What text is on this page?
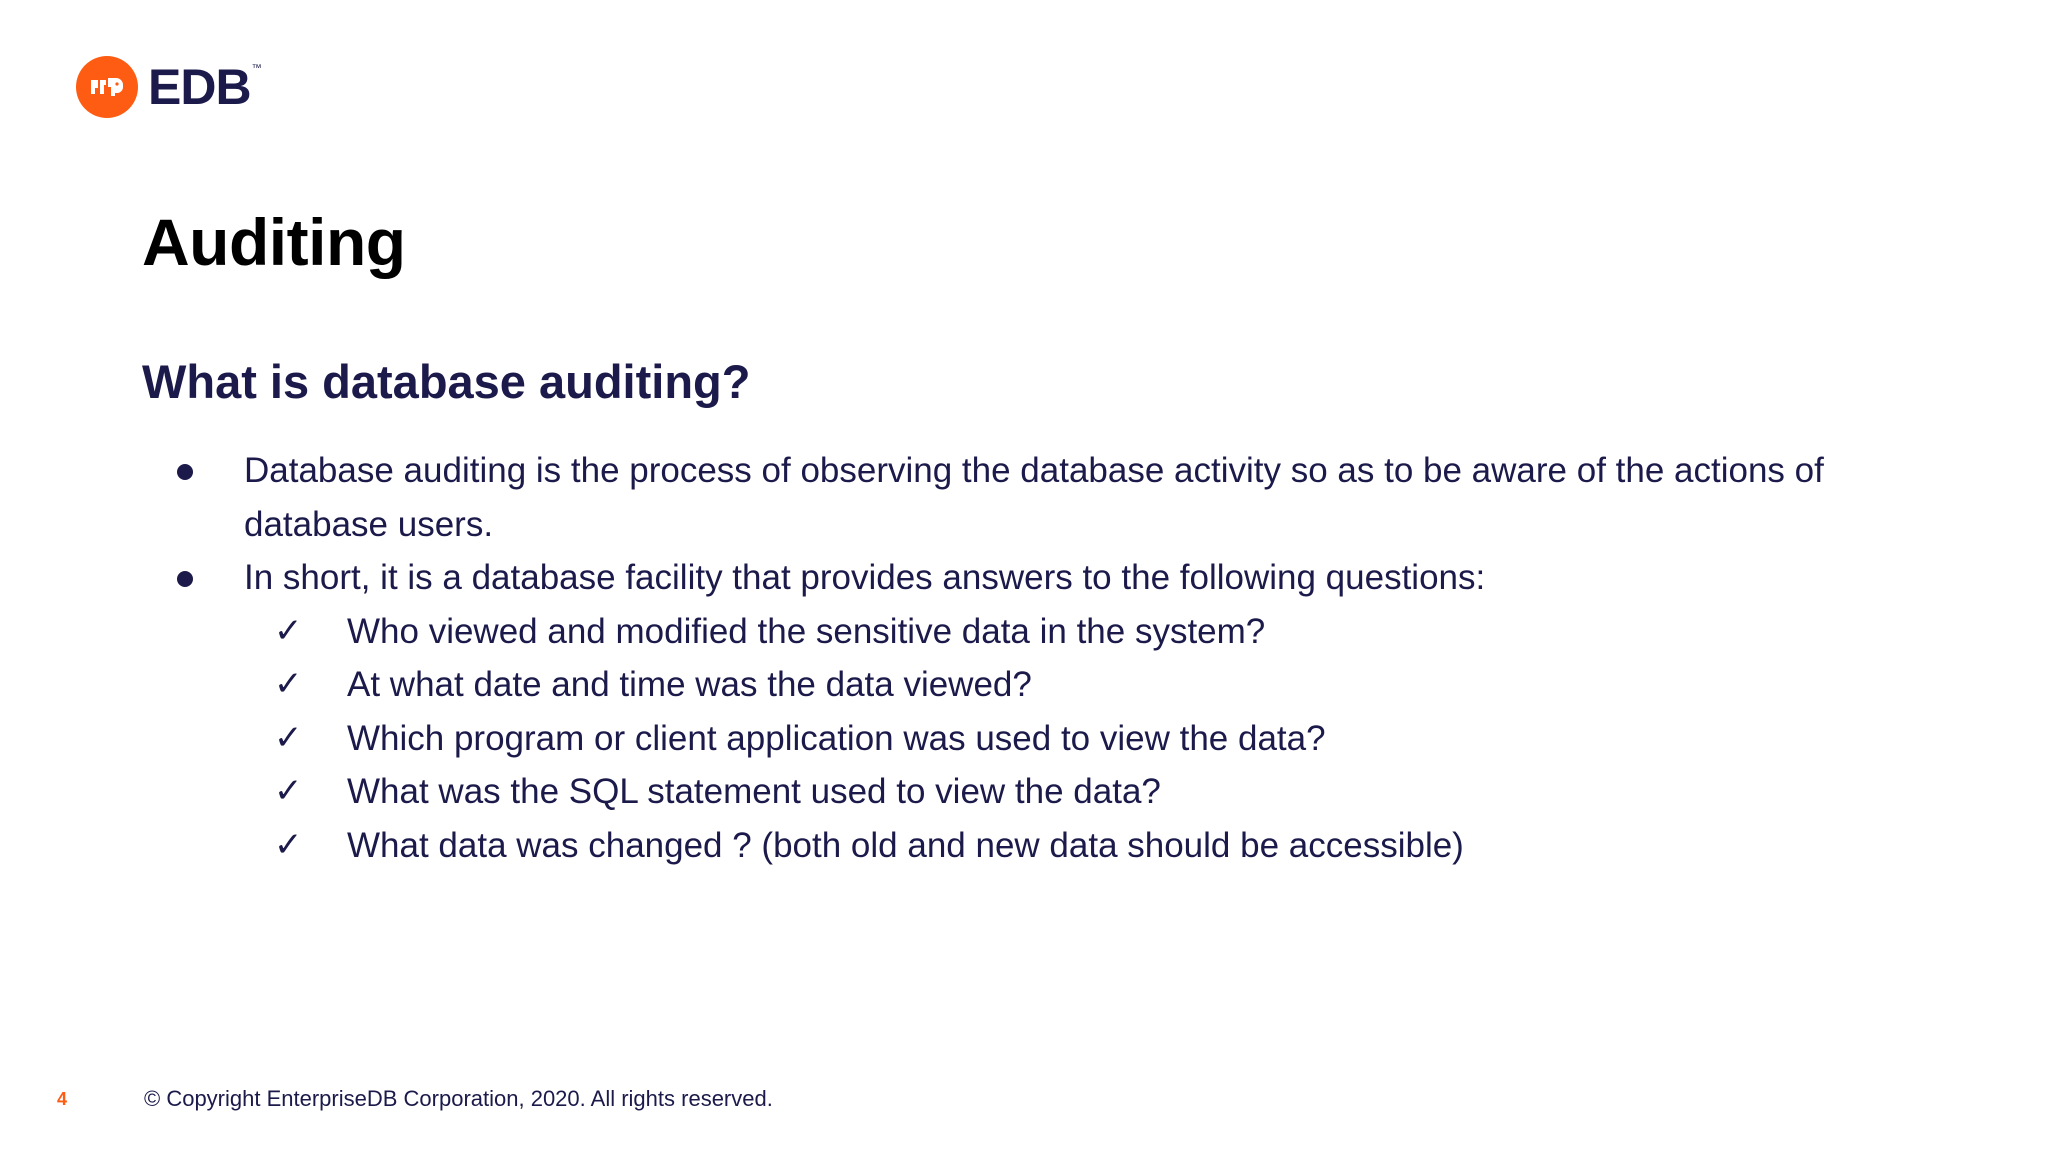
EDB™
Auditing
What is database auditing?
Database auditing is the process of observing the database activity so as to be aware of the actions of database users.
In short, it is a database facility that provides answers to the following questions:
✓ Who viewed and modified the sensitive data in the system?
✓ At what date and time was the data viewed?
✓ Which program or client application was used to view the data?
✓ What was the SQL statement used to view the data?
✓ What data was changed ? (both old and new data should be accessible)
4	© Copyright EnterpriseDB Corporation, 2020. All rights reserved.
